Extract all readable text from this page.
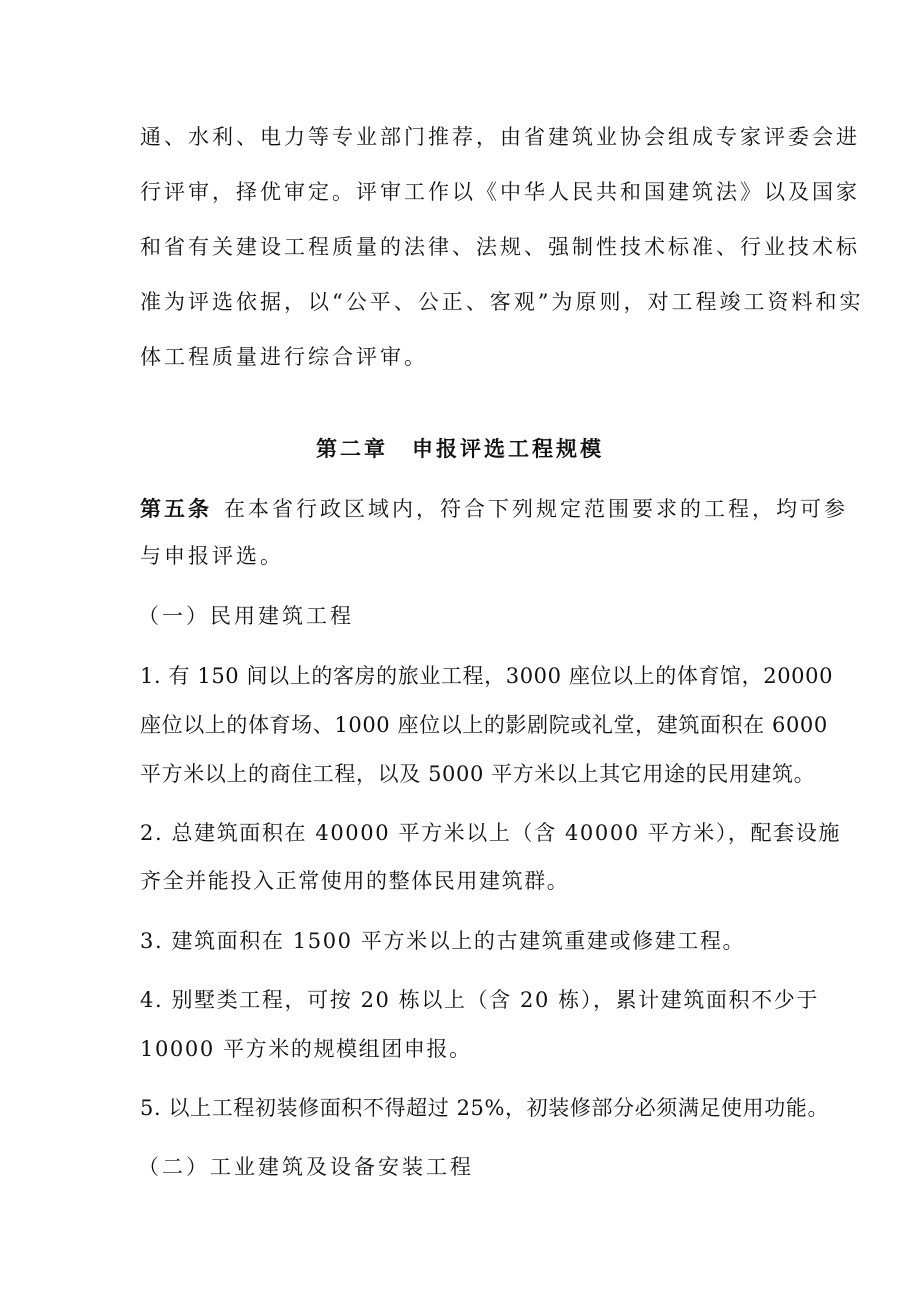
通、水利、电力等专业部门推荐，由省建筑业协会组成专家评委会进
行评审，择优审定。评审工作以《中华人民共和国建筑法》以及国家
和省有关建设工程质量的法律、法规、强制性技术标准、行业技术标
准为评选依据，以“公平、公正、客观”为原则，对工程竣工资料和实
体工程质量进行综合评审。
第二章　申报评选工程规模
第五条 在本省行政区域内，符合下列规定范围要求的工程，均可参
与申报评选。
（一）民用建筑工程
1. 有 150 间以上的客房的旅业工程，3000 座位以上的体育馆，20000
座位以上的体育场、1000 座位以上的影剧院或礼堂，建筑面积在 6000
平方米以上的商住工程，以及 5000 平方米以上其它用途的民用建筑。
2. 总建筑面积在 40000 平方米以上（含 40000 平方米），配套设施
齐全并能投入正常使用的整体民用建筑群。
3. 建筑面积在 1500 平方米以上的古建筑重建或修建工程。
4. 别墅类工程，可按 20 栋以上（含 20 栋），累计建筑面积不少于
10000 平方米的规模组团申报。
5. 以上工程初装修面积不得超过 25%，初装修部分必须满足使用功能。
（二）工业建筑及设备安装工程
